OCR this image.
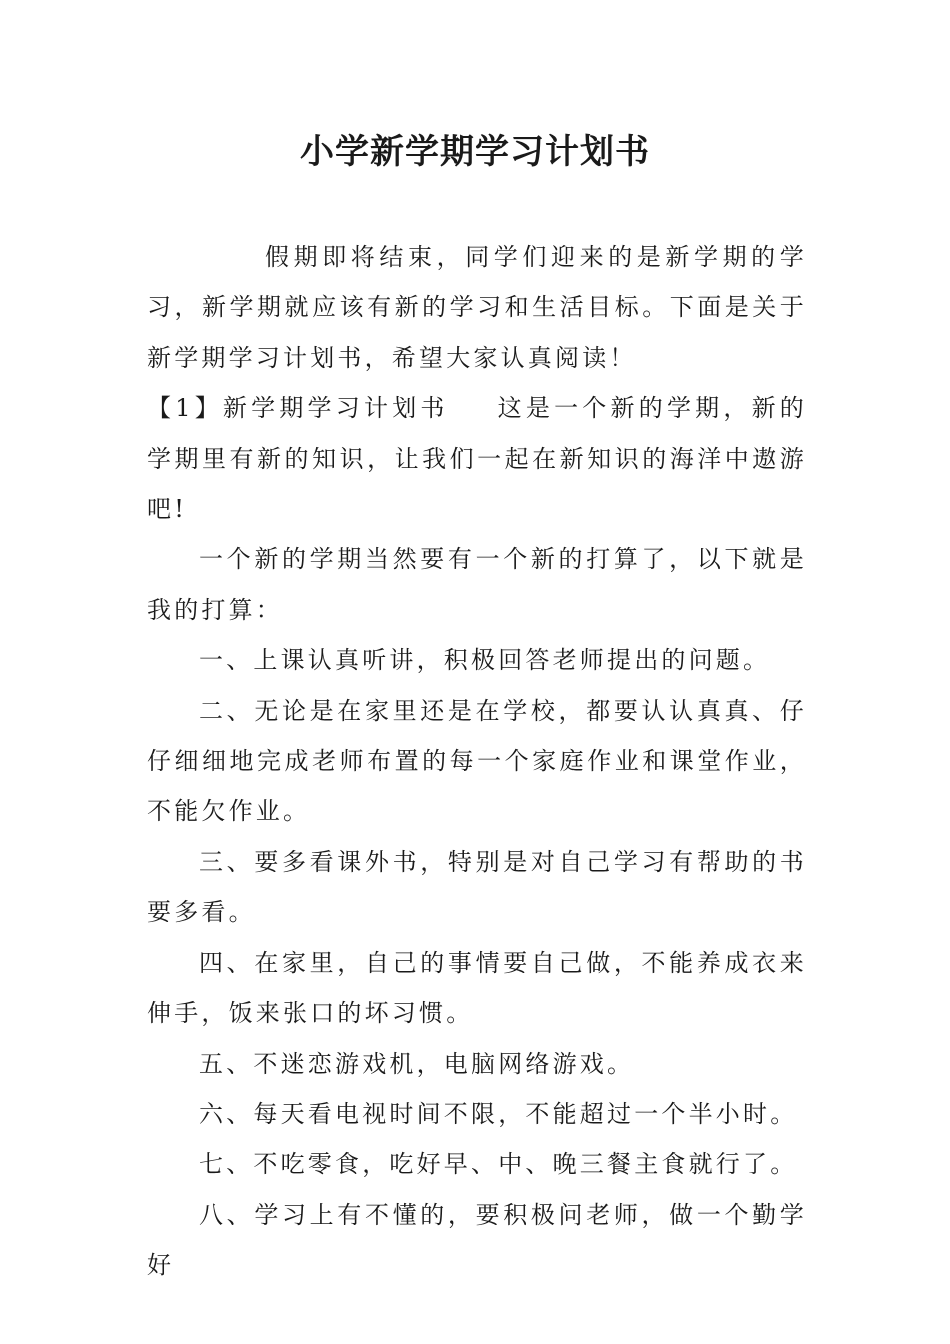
小学新学期学习计划书

假期即将结束，同学们迎来的是新学期的学习，新学期就应该有新的学习和生活目标。下面是关于新学期学习计划书，希望大家认真阅读！

【1】新学期学习计划书 这是一个新的学期，新的学期里有新的知识，让我们一起在新知识的海洋中遨游吧!

一个新的学期当然要有一个新的打算了，以下就是我的打算：

一、上课认真听讲，积极回答老师提出的问题。

二、无论是在家里还是在学校，都要认认真真、仔仔细细地完成老师布置的每一个家庭作业和课堂作业，不能欠作业。

三、要多看课外书，特别是对自己学习有帮助的书要多看。

四、在家里，自己的事情要自己做，不能养成衣来伸手，饭来张口的坏习惯。

五、不迷恋游戏机，电脑网络游戏。

六、每天看电视时间不限，不能超过一个半小时。

七、不吃零食，吃好早、中、晚三餐主食就行了。

八、学习上有不懂的，要积极问老师，做一个勤学好
